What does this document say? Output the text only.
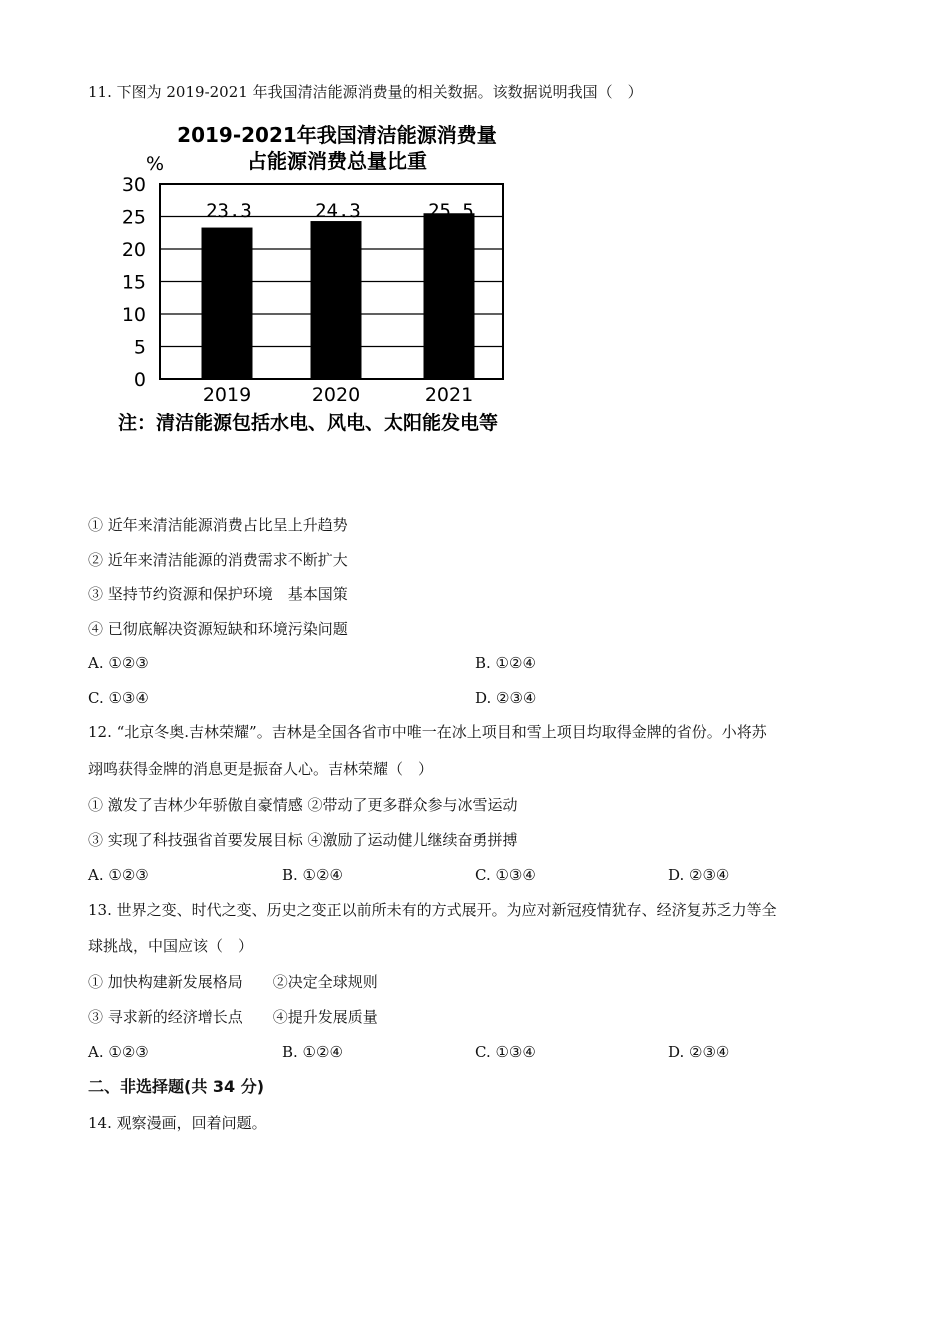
11. 下图为 2019-2021 年我国清洁能源消费量的相关数据。该数据说明我国（　）
2019-2021年我国清洁能源消费量
占能源消费总量比重
%
0
5
10
15
20
25
30
23.3
2019
24.3
2020
25.5
2021
注：清洁能源包括水电、风电、太阳能发电等
① 近年来清洁能源消费占比呈上升趋势
② 近年来清洁能源的消费需求不断扩大
③ 坚持节约资源和保护环境　基本国策
④ 已彻底解决资源短缺和环境污染问题
A. ①②③	B. ①②④
C. ①③④	D. ②③④
12. “北京冬奥.吉林荣耀”。吉林是全国各省市中唯一在冰上项目和雪上项目均取得金牌的省份。小将苏
翊鸣获得金牌的消息更是振奋人心。吉林荣耀（　）
① 激发了吉林少年骄傲自豪情感 ②带动了更多群众参与冰雪运动
③ 实现了科技强省首要发展目标 ④激励了运动健儿继续奋勇拼搏
A. ①②③	B. ①②④	C. ①③④	D. ②③④
13. 世界之变、时代之变、历史之变正以前所未有的方式展开。为应对新冠疫情犹存、经济复苏乏力等全
球挑战，中国应该（　）
① 加快构建新发展格局　　②决定全球规则
③ 寻求新的经济增长点　　④提升发展质量
A. ①②③	B. ①②④	C. ①③④	D. ②③④
二、非选择题(共 34 分)
14. 观察漫画，回着问题。
